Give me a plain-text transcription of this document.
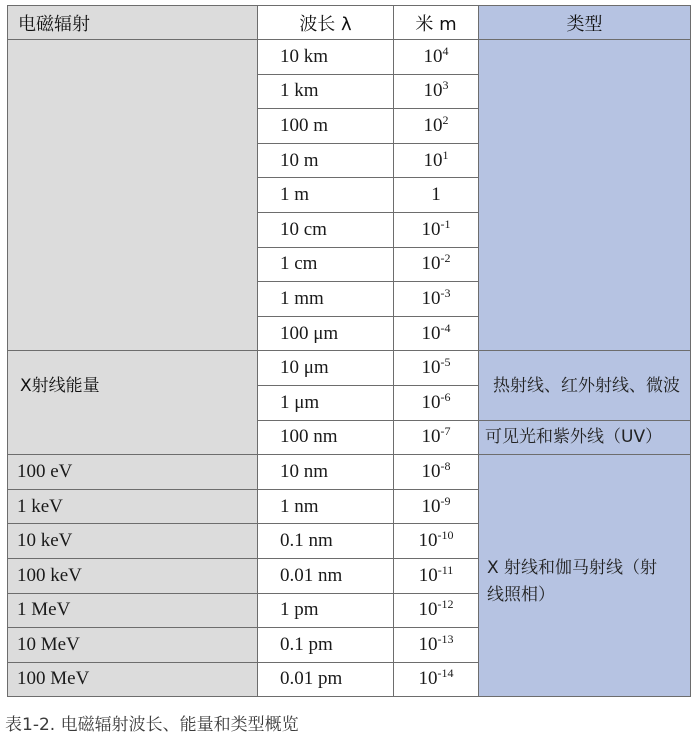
电磁辐射	波长 λ	米 m	类型
	10 km	$10^4$	
	1 km	$10^3$
	100 m	$10^2$
	10 m	$10^1$
	1 m	1	
	10 cm	$10^{-1}$
	1 cm	$10^{-2}$
	1 mm	$10^{-3}$
	100 μm	$10^{-4}$
X射线能量	10 μm	$10^{-5}$	热射线、红外射线、微波
	1 μm	$10^{-6}$
	100 nm	$10^{-7}$	可见光和紫外线（UV）
100 eV	10 nm	$10^{-8}$	X 射线和伽马射线（射线照相）
1 keV	1 nm	$10^{-9}$
10 keV	0.1 nm	$10^{-10}$
100 keV	0.01 nm	$10^{-11}$
1 MeV	1 pm	$10^{-12}$
10 MeV	0.1 pm	$10^{-13}$
100 MeV	0.01 pm	$10^{-14}$
表1-2. 电磁辐射波长、能量和类型概览
